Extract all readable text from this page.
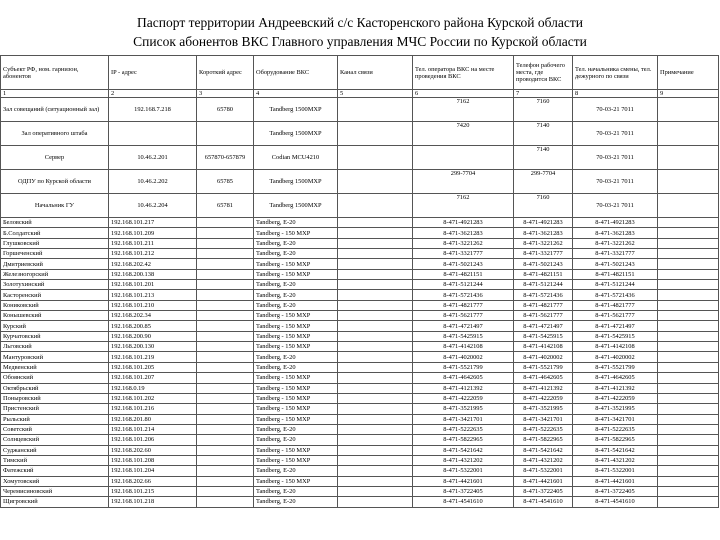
Паспорт территории Андреевский с/с Касторенского района Курской области
Список абонентов ВКС Главного управления МЧС России по Курской области
Субъект РФ, ном. гарнизон, абонентов	IP - адрес	Короткий адрес	Оборудование ВКС	Канал связи	Тел. оператора ВКС на месте проведения ВКС	Телефон рабочего места, где проводится ВКС	Тел. начальника смены, тел. дежурного по связи	Примечание
1	2	3	4	5	6	7	8	9
Зал совещаний (ситуационный зал)	192.168.7.218	65780	Tandberg 1500MXP		7162	7160	70-03-21 7011	
Зал оперативного штаба			Tandberg 1500MXP		7420	7140	70-03-21 7011	
Сервер	10.46.2.201	657870-657879	Codian MCU4210			7140	70-03-21 7011	
ОДПУ по Курской области	10.46.2.202	65785	Tandberg 1500MXP		299-7704	299-7704	70-03-21 7011	
Начальник ГУ	10.46.2.204	65781	Tandberg 1500MXP		7162	7160	70-03-21 7011	
Беловский	192.168.101.217		Tandberg, E-20		8-471-4921283	8-471-4921283	8-471-4921283	
Б.Солдатский	192.168.101.209		Tandberg - 150 MXP		8-471-3621283	8-471-3621283	8-471-3621283	
Глушковский	192.168.101.211		Tandberg, E-20		8-471-3221262	8-471-3221262	8-471-3221262	
Горшеченский	192.168.101.212		Tandberg, E-20		8-471-3321777	8-471-3321777	8-471-3321777	
Дмитриевский	192.168.202.42		Tandberg - 150 MXP		8-471-5021243	8-471-5021243	8-471-5021243	
Железногорский	192.168.200.138		Tandberg - 150 MXP		8-471-4821151	8-471-4821151	8-471-4821151	
Золотухинский	192.168.101.201		Tandberg, E-20		8-471-5121244	8-471-5121244	8-471-5121244	
Касторенский	192.168.101.213		Tandberg, E-20		8-471-5721436	8-471-5721436	8-471-5721436	
Кониковский	192.168.101.210		Tandberg, E-20		8-471-4821777	8-471-4821777	8-471-4821777	
Конышевский	192.168.202.34		Tandberg - 150 MXP		8-471-5621777	8-471-5621777	8-471-5621777	
Курский	192.168.200.85		Tandberg - 150 MXP		8-471-4721497	8-471-4721497	8-471-4721497	
Курчатовский	192.168.200.90		Tandberg - 150 MXP		8-471-5425915	8-471-5425915	8-471-5425915	
Льговский	192.168.200.130		Tandberg - 150 MXP		8-471-4142108	8-471-4142108	8-471-4142108	
Мантуровский	192.168.101.219		Tandberg, E-20		8-471-4020002	8-471-4020002	8-471-4020002	
Медвенский	192.168.101.205		Tandberg, E-20		8-471-5521799	8-471-5521799	8-471-5521799	
Обоянский	192.168.101.207		Tandberg - 150 MXP		8-471-4642605	8-471-4642605	8-471-4642605	
Октябрьский	192.168.0.19		Tandberg - 150 MXP		8-471-4121392	8-471-4121392	8-471-4121392	
Поныровский	192.168.101.202		Tandberg - 150 MXP		8-471-4222059	8-471-4222059	8-471-4222059	
Пристенский	192.168.101.216		Tandberg - 150 MXP		8-471-3521995	8-471-3521995	8-471-3521995	
Рыльский	192.168.201.80		Tandberg - 150 MXP		8-471-3421701	8-471-3421701	8-471-3421701	
Советский	192.168.101.214		Tandberg, E-20		8-471-5222635	8-471-5222635	8-471-5222635	
Солнцевский	192.168.101.206		Tandberg, E-20		8-471-5822965	8-471-5822965	8-471-5822965	
Суджанский	192.168.202.60		Tandberg - 150 MXP		8-471-5421642	8-471-5421642	8-471-5421642	
Тимский	192.168.101.208		Tandberg - 150 MXP		8-471-4321202	8-471-4321202	8-471-4321202	
Фатежский	192.168.101.204		Tandberg, E-20		8-471-5322001	8-471-5322001	8-471-5322001	
Хомутовский	192.168.202.66		Tandberg - 150 MXP		8-471-4421601	8-471-4421601	8-471-4421601	
Черемисиновский	192.168.101.215		Tandberg, E-20		8-471-3722405	8-471-3722405	8-471-3722405	
Щигровский	192.168.101.218		Tandberg, E-20		8-471-4541610	8-471-4541610	8-471-4541610	
